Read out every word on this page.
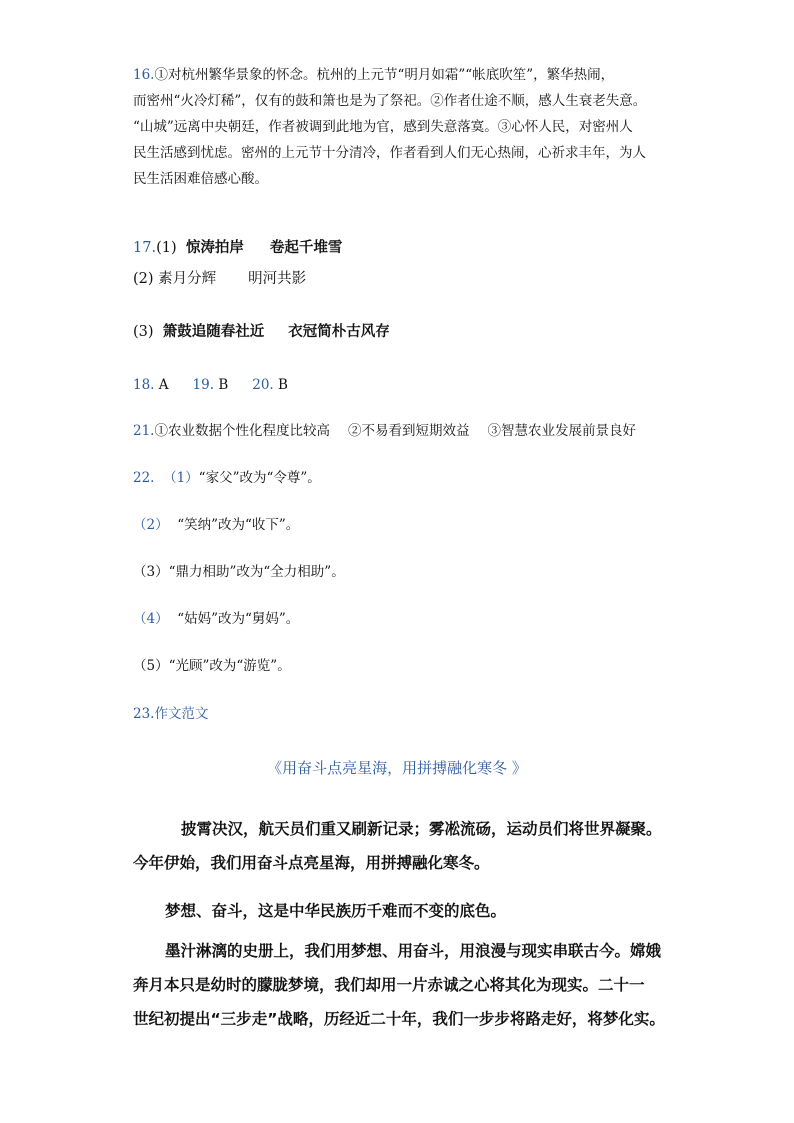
16.①对杭州繁华景象的怀念。杭州的上元节“明月如霜”“帐底吹笙”，繁华热闹，
而密州“火冷灯稀”，仅有的鼓和箫也是为了祭祀。②作者仕途不顺，感人生衰老失意。
“山城”远离中央朝廷，作者被调到此地为官，感到失意落寞。③心怀人民，对密州人
民生活感到忧虑。密州的上元节十分清冷，作者看到人们无心热闹，心祈求丰年，为人
民生活困难倍感心酸。
17.(1) 惊涛拍岸 卷起千堆雪
(2) 素月分辉 明河共影
(3) 箫鼓追随春社近 衣冠简朴古风存
18. A 19. B 20. B
21.①农业数据个性化程度比较高 ②不易看到短期效益 ③智慧农业发展前景良好
22. （1）“家父”改为“令尊”。
（2） “笑纳”改为“收下”。
（3）“鼎力相助”改为“全力相助”。
（4） “姑妈”改为“舅妈”。
（5）“光顾”改为“游览”。
23.作文范文
《用奋斗点亮星海，用拼搏融化寒冬 》
披霄决汉，航天员们重又刷新记录；雾凇流砀，运动员们将世界凝聚。
今年伊始，我们用奋斗点亮星海，用拼搏融化寒冬。
梦想、奋斗，这是中华民族历千难而不变的底色。
墨汁淋漓的史册上，我们用梦想、用奋斗，用浪漫与现实串联古今。嫦娥
奔月本只是幼时的朦胧梦境，我们却用一片赤诚之心将其化为现实。二十一
世纪初提出“三步走”战略，历经近二十年，我们一步步将路走好，将梦化实。
